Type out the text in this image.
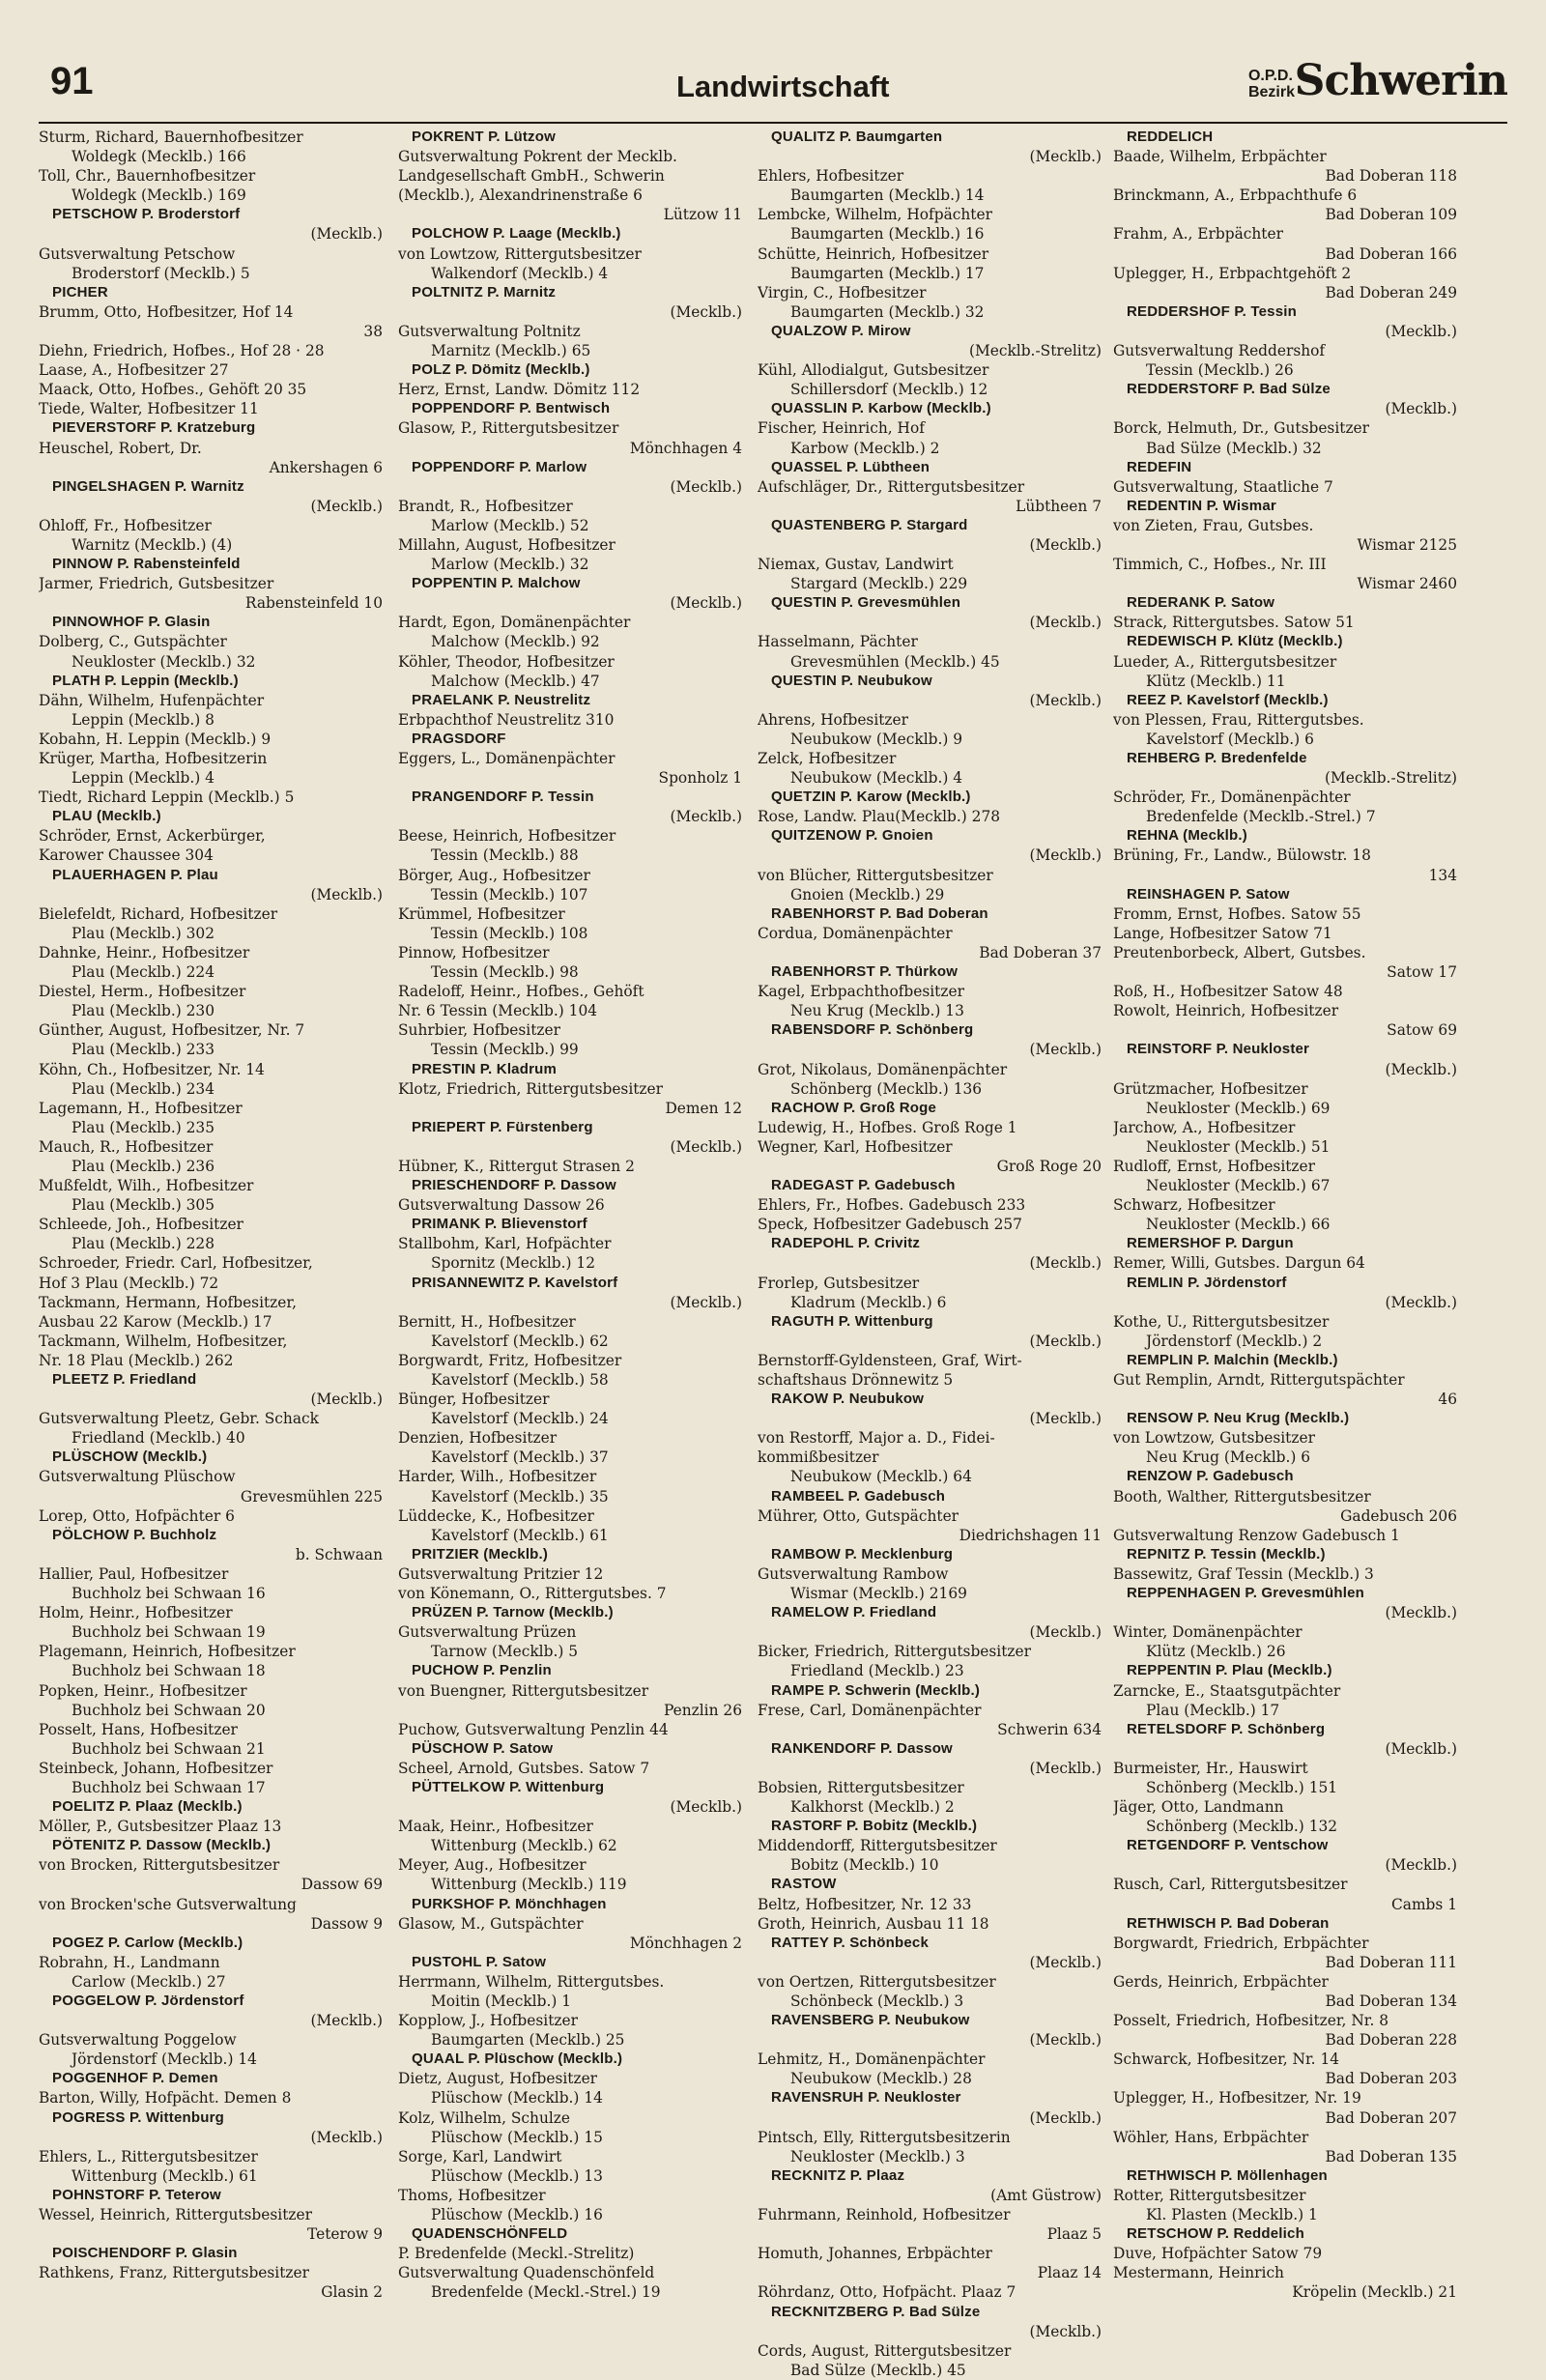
91	Landwirtschaft	O.P.D.
Bezirk Schwerin
Sturm, Richard, Bauernhofbesitzer
Woldegk (Mecklb.) 166
Toll, Chr., Bauernhofbesitzer
Woldegk (Mecklb.) 169
PETSCHOW P. Broderstorf
(Mecklb.)
Gutsverwaltung Petschow
Broderstorf (Mecklb.) 5
PICHER
Brumm, Otto, Hofbesitzer, Hof 14
38
Diehn, Friedrich, Hofbes., Hof 28 · 28
Laase, A., Hofbesitzer 27
Maack, Otto, Hofbes., Gehöft 20 35
Tiede, Walter, Hofbesitzer 11
PIEVERSTORF P. Kratzeburg
Heuschel, Robert, Dr.
Ankershagen 6
PINGELSHAGEN P. Warnitz
(Mecklb.)
Ohloff, Fr., Hofbesitzer
Warnitz (Mecklb.) (4)
PINNOW P. Rabensteinfeld
Jarmer, Friedrich, Gutsbesitzer
Rabensteinfeld 10
PINNOWHOF P. Glasin
Dolberg, C., Gutspächter
Neukloster (Mecklb.) 32
PLATH P. Leppin (Mecklb.)
Dähn, Wilhelm, Hufenpächter
Leppin (Mecklb.) 8
Kobahn, H. Leppin (Mecklb.) 9
Krüger, Martha, Hofbesitzerin
Leppin (Mecklb.) 4
Tiedt, Richard Leppin (Mecklb.) 5
PLAU (Mecklb.)
Schröder, Ernst, Ackerbürger,
Karower Chaussee 304
PLAUERHAGEN P. Plau
(Mecklb.)
Bielefeldt, Richard, Hofbesitzer
Plau (Mecklb.) 302
Dahnke, Heinr., Hofbesitzer
Plau (Mecklb.) 224
Diestel, Herm., Hofbesitzer
Plau (Mecklb.) 230
Günther, August, Hofbesitzer, Nr. 7
Plau (Mecklb.) 233
Köhn, Ch., Hofbesitzer, Nr. 14
Plau (Mecklb.) 234
Lagemann, H., Hofbesitzer
Plau (Mecklb.) 235
Mauch, R., Hofbesitzer
Plau (Mecklb.) 236
Mußfeldt, Wilh., Hofbesitzer
Plau (Mecklb.) 305
Schleede, Joh., Hofbesitzer
Plau (Mecklb.) 228
Schroeder, Friedr. Carl, Hofbesitzer,
Hof 3 Plau (Mecklb.) 72
Tackmann, Hermann, Hofbesitzer,
Ausbau 22 Karow (Mecklb.) 17
Tackmann, Wilhelm, Hofbesitzer,
Nr. 18 Plau (Mecklb.) 262
PLEETZ P. Friedland
(Mecklb.)
Gutsverwaltung Pleetz, Gebr. Schack
Friedland (Mecklb.) 40
PLÜSCHOW (Mecklb.)
Gutsverwaltung Plüschow
Grevesmühlen 225
Lorep, Otto, Hofpächter 6
PÖLCHOW P. Buchholz
b. Schwaan
Hallier, Paul, Hofbesitzer
Buchholz bei Schwaan 16
Holm, Heinr., Hofbesitzer
Buchholz bei Schwaan 19
Plagemann, Heinrich, Hofbesitzer
Buchholz bei Schwaan 18
Popken, Heinr., Hofbesitzer
Buchholz bei Schwaan 20
Posselt, Hans, Hofbesitzer
Buchholz bei Schwaan 21
Steinbeck, Johann, Hofbesitzer
Buchholz bei Schwaan 17
POELITZ P. Plaaz (Mecklb.)
Möller, P., Gutsbesitzer Plaaz 13
PÖTENITZ P. Dassow (Mecklb.)
von Brocken, Rittergutsbesitzer
Dassow 69
von Brocken'sche Gutsverwaltung
Dassow 9
POGEZ P. Carlow (Mecklb.)
Robrahn, H., Landmann
Carlow (Mecklb.) 27
POGGELOW P. Jördenstorf
(Mecklb.)
Gutsverwaltung Poggelow
Jördenstorf (Mecklb.) 14
POGGENHOF P. Demen
Barton, Willy, Hofpächt. Demen 8
POGRESS P. Wittenburg
(Mecklb.)
Ehlers, L., Rittergutsbesitzer
Wittenburg (Mecklb.) 61
POHNSTORF P. Teterow
Wessel, Heinrich, Rittergutsbesitzer
Teterow 9
POISCHENDORF P. Glasin
Rathkens, Franz, Rittergutsbesitzer
Glasin 2
POKRENT P. Lützow
Gutsverwaltung Pokrent der Mecklb.
Landgesellschaft GmbH., Schwerin
(Mecklb.), Alexandrinenstraße 6
Lützow 11
POLCHOW P. Laage (Mecklb.)
von Lowtzow, Rittergutsbesitzer
Walkendorf (Mecklb.) 4
POLTNITZ P. Marnitz
(Mecklb.)
Gutsverwaltung Poltnitz
Marnitz (Mecklb.) 65
POLZ P. Dömitz (Mecklb.)
Herz, Ernst, Landw. Dömitz 112
POPPENDORF P. Bentwisch
Glasow, P., Rittergutsbesitzer
Mönchhagen 4
POPPENDORF P. Marlow
(Mecklb.)
Brandt, R., Hofbesitzer
Marlow (Mecklb.) 52
Millahn, August, Hofbesitzer
Marlow (Mecklb.) 32
POPPENTIN P. Malchow
(Mecklb.)
Hardt, Egon, Domänenpächter
Malchow (Mecklb.) 92
Köhler, Theodor, Hofbesitzer
Malchow (Mecklb.) 47
PRAELANK P. Neustrelitz
Erbpachthof Neustrelitz 310
PRAGSDORF
Eggers, L., Domänenpächter
Sponholz 1
PRANGENDORF P. Tessin
(Mecklb.)
Beese, Heinrich, Hofbesitzer
Tessin (Mecklb.) 88
Börger, Aug., Hofbesitzer
Tessin (Mecklb.) 107
Krümmel, Hofbesitzer
Tessin (Mecklb.) 108
Pinnow, Hofbesitzer
Tessin (Mecklb.) 98
Radeloff, Heinr., Hofbes., Gehöft
Nr. 6 Tessin (Mecklb.) 104
Suhrbier, Hofbesitzer
Tessin (Mecklb.) 99
PRESTIN P. Kladrum
Klotz, Friedrich, Rittergutsbesitzer
Demen 12
PRIEPERT P. Fürstenberg
(Mecklb.)
Hübner, K., Rittergut Strasen 2
PRIESCHENDORF P. Dassow
Gutsverwaltung Dassow 26
PRIMANK P. Blievenstorf
Stallbohm, Karl, Hofpächter
Spornitz (Mecklb.) 12
PRISANNEWITZ P. Kavelstorf
(Mecklb.)
Bernitt, H., Hofbesitzer
Kavelstorf (Mecklb.) 62
Borgwardt, Fritz, Hofbesitzer
Kavelstorf (Mecklb.) 58
Bünger, Hofbesitzer
Kavelstorf (Mecklb.) 24
Denzien, Hofbesitzer
Kavelstorf (Mecklb.) 37
Harder, Wilh., Hofbesitzer
Kavelstorf (Mecklb.) 35
Lüddecke, K., Hofbesitzer
Kavelstorf (Mecklb.) 61
PRITZIER (Mecklb.)
Gutsverwaltung Pritzier 12
von Könemann, O., Rittergutsbes. 7
PRÜZEN P. Tarnow (Mecklb.)
Gutsverwaltung Prüzen
Tarnow (Mecklb.) 5
PUCHOW P. Penzlin
von Buengner, Rittergutsbesitzer
Penzlin 26
Puchow, Gutsverwaltung Penzlin 44
PÜSCHOW P. Satow
Scheel, Arnold, Gutsbes. Satow 7
PÜTTELKOW P. Wittenburg
(Mecklb.)
Maak, Heinr., Hofbesitzer
Wittenburg (Mecklb.) 62
Meyer, Aug., Hofbesitzer
Wittenburg (Mecklb.) 119
PURKSHOF P. Mönchhagen
Glasow, M., Gutspächter
Mönchhagen 2
PUSTOHL P. Satow
Herrmann, Wilhelm, Rittergutsbes.
Moitin (Mecklb.) 1
Kopplow, J., Hofbesitzer
Baumgarten (Mecklb.) 25
QUAAL P. Plüschow (Mecklb.)
Dietz, August, Hofbesitzer
Plüschow (Mecklb.) 14
Kolz, Wilhelm, Schulze
Plüschow (Mecklb.) 15
Sorge, Karl, Landwirt
Plüschow (Mecklb.) 13
Thoms, Hofbesitzer
Plüschow (Mecklb.) 16
QUADENSCHÖNFELD
P. Bredenfelde (Meckl.-Strelitz)
Gutsverwaltung Quadenschönfeld
Bredenfelde (Meckl.-Strel.) 19
QUALITZ P. Baumgarten
(Mecklb.)
Ehlers, Hofbesitzer
Baumgarten (Mecklb.) 14
Lembcke, Wilhelm, Hofpächter
Baumgarten (Mecklb.) 16
Schütte, Heinrich, Hofbesitzer
Baumgarten (Mecklb.) 17
Virgin, C., Hofbesitzer
Baumgarten (Mecklb.) 32
QUALZOW P. Mirow
(Mecklb.-Strelitz)
Kühl, Allodialgut, Gutsbesitzer
Schillersdorf (Mecklb.) 12
QUASSLIN P. Karbow (Mecklb.)
Fischer, Heinrich, Hof
Karbow (Mecklb.) 2
QUASSEL P. Lübtheen
Aufschläger, Dr., Rittergutsbesitzer
Lübtheen 7
QUASTENBERG P. Stargard
(Mecklb.)
Niemax, Gustav, Landwirt
Stargard (Mecklb.) 229
QUESTIN P. Grevesmühlen
(Mecklb.)
Hasselmann, Pächter
Grevesmühlen (Mecklb.) 45
QUESTIN P. Neubukow
(Mecklb.)
Ahrens, Hofbesitzer
Neubukow (Mecklb.) 9
Zelck, Hofbesitzer
Neubukow (Mecklb.) 4
QUETZIN P. Karow (Mecklb.)
Rose, Landw. Plau(Mecklb.) 278
QUITZENOW P. Gnoien
(Mecklb.)
von Blücher, Rittergutsbesitzer
Gnoien (Mecklb.) 29
RABENHORST P. Bad Doberan
Cordua, Domänenpächter
Bad Doberan 37
RABENHORST P. Thürkow
Kagel, Erbpachthofbesitzer
Neu Krug (Mecklb.) 13
RABENSDORF P. Schönberg
(Mecklb.)
Grot, Nikolaus, Domänenpächter
Schönberg (Mecklb.) 136
RACHOW P. Groß Roge
Ludewig, H., Hofbes. Groß Roge 1
Wegner, Karl, Hofbesitzer
Groß Roge 20
RADEGAST P. Gadebusch
Ehlers, Fr., Hofbes. Gadebusch 233
Speck, Hofbesitzer Gadebusch 257
RADEPOHL P. Crivitz
(Mecklb.)
Frorlep, Gutsbesitzer
Kladrum (Mecklb.) 6
RAGUTH P. Wittenburg
(Mecklb.)
Bernstorff-Gyldensteen, Graf, Wirt-
schaftshaus Drönnewitz 5
RAKOW P. Neubukow
(Mecklb.)
von Restorff, Major a. D., Fidei-
kommißbesitzer
Neubukow (Mecklb.) 64
RAMBEEL P. Gadebusch
Mührer, Otto, Gutspächter
Diedrichshagen 11
RAMBOW P. Mecklenburg
Gutsverwaltung Rambow
Wismar (Mecklb.) 2169
RAMELOW P. Friedland
(Mecklb.)
Bicker, Friedrich, Rittergutsbesitzer
Friedland (Mecklb.) 23
RAMPE P. Schwerin (Mecklb.)
Frese, Carl, Domänenpächter
Schwerin 634
RANKENDORF P. Dassow
(Mecklb.)
Bobsien, Rittergutsbesitzer
Kalkhorst (Mecklb.) 2
RASTORF P. Bobitz (Mecklb.)
Middendorff, Rittergutsbesitzer
Bobitz (Mecklb.) 10
RASTOW
Beltz, Hofbesitzer, Nr. 12 33
Groth, Heinrich, Ausbau 11 18
RATTEY P. Schönbeck
(Mecklb.)
von Oertzen, Rittergutsbesitzer
Schönbeck (Mecklb.) 3
RAVENSBERG P. Neubukow
(Mecklb.)
Lehmitz, H., Domänenpächter
Neubukow (Mecklb.) 28
RAVENSRUH P. Neukloster
(Mecklb.)
Pintsch, Elly, Rittergutsbesitzerin
Neukloster (Mecklb.) 3
RECKNITZ P. Plaaz
(Amt Güstrow)
Fuhrmann, Reinhold, Hofbesitzer
Plaaz 5
Homuth, Johannes, Erbpächter
Plaaz 14
Röhrdanz, Otto, Hofpächt. Plaaz 7
RECKNITZBERG P. Bad Sülze
(Mecklb.)
Cords, August, Rittergutsbesitzer
Bad Sülze (Mecklb.) 45
REDDELICH
Baade, Wilhelm, Erbpächter
Bad Doberan 118
Brinckmann, A., Erbpachthufe 6
Bad Doberan 109
Frahm, A., Erbpächter
Bad Doberan 166
Uplegger, H., Erbpachtgehöft 2
Bad Doberan 249
REDDERSHOF P. Tessin
(Mecklb.)
Gutsverwaltung Reddershof
Tessin (Mecklb.) 26
REDDERSTORF P. Bad Sülze
(Mecklb.)
Borck, Helmuth, Dr., Gutsbesitzer
Bad Sülze (Mecklb.) 32
REDEFIN
Gutsverwaltung, Staatliche 7
REDENTIN P. Wismar
von Zieten, Frau, Gutsbes.
Wismar 2125
Timmich, C., Hofbes., Nr. III
Wismar 2460
REDERANK P. Satow
Strack, Rittergutsbes. Satow 51
REDEWISCH P. Klütz (Mecklb.)
Lueder, A., Rittergutsbesitzer
Klütz (Mecklb.) 11
REEZ P. Kavelstorf (Mecklb.)
von Plessen, Frau, Rittergutsbes.
Kavelstorf (Mecklb.) 6
REHBERG P. Bredenfelde
(Mecklb.-Strelitz)
Schröder, Fr., Domänenpächter
Bredenfelde (Mecklb.-Strel.) 7
REHNA (Mecklb.)
Brüning, Fr., Landw., Bülowstr. 18
134
REINSHAGEN P. Satow
Fromm, Ernst, Hofbes. Satow 55
Lange, Hofbesitzer Satow 71
Preutenborbeck, Albert, Gutsbes.
Satow 17
Roß, H., Hofbesitzer Satow 48
Rowolt, Heinrich, Hofbesitzer
Satow 69
REINSTORF P. Neukloster
(Mecklb.)
Grützmacher, Hofbesitzer
Neukloster (Mecklb.) 69
Jarchow, A., Hofbesitzer
Neukloster (Mecklb.) 51
Rudloff, Ernst, Hofbesitzer
Neukloster (Mecklb.) 67
Schwarz, Hofbesitzer
Neukloster (Mecklb.) 66
REMERSHOF P. Dargun
Remer, Willi, Gutsbes. Dargun 64
REMLIN P. Jördenstorf
(Mecklb.)
Kothe, U., Rittergutsbesitzer
Jördenstorf (Mecklb.) 2
REMPLIN P. Malchin (Mecklb.)
Gut Remplin, Arndt, Rittergutspächter
46
RENSOW P. Neu Krug (Mecklb.)
von Lowtzow, Gutsbesitzer
Neu Krug (Mecklb.) 6
RENZOW P. Gadebusch
Booth, Walther, Rittergutsbesitzer
Gadebusch 206
Gutsverwaltung Renzow Gadebusch 1
REPNITZ P. Tessin (Mecklb.)
Bassewitz, Graf Tessin (Mecklb.) 3
REPPENHAGEN P. Grevesmühlen
(Mecklb.)
Winter, Domänenpächter
Klütz (Mecklb.) 26
REPPENTIN P. Plau (Mecklb.)
Zarncke, E., Staatsgutpächter
Plau (Mecklb.) 17
RETELSDORF P. Schönberg
(Mecklb.)
Burmeister, Hr., Hauswirt
Schönberg (Mecklb.) 151
Jäger, Otto, Landmann
Schönberg (Mecklb.) 132
RETGENDORF P. Ventschow
(Mecklb.)
Rusch, Carl, Rittergutsbesitzer
Cambs 1
RETHWISCH P. Bad Doberan
Borgwardt, Friedrich, Erbpächter
Bad Doberan 111
Gerds, Heinrich, Erbpächter
Bad Doberan 134
Posselt, Friedrich, Hofbesitzer, Nr. 8
Bad Doberan 228
Schwarck, Hofbesitzer, Nr. 14
Bad Doberan 203
Uplegger, H., Hofbesitzer, Nr. 19
Bad Doberan 207
Wöhler, Hans, Erbpächter
Bad Doberan 135
RETHWISCH P. Möllenhagen
Rotter, Rittergutsbesitzer
Kl. Plasten (Mecklb.) 1
RETSCHOW P. Reddelich
Duve, Hofpächter Satow 79
Mestermann, Heinrich
Kröpelin (Mecklb.) 21
